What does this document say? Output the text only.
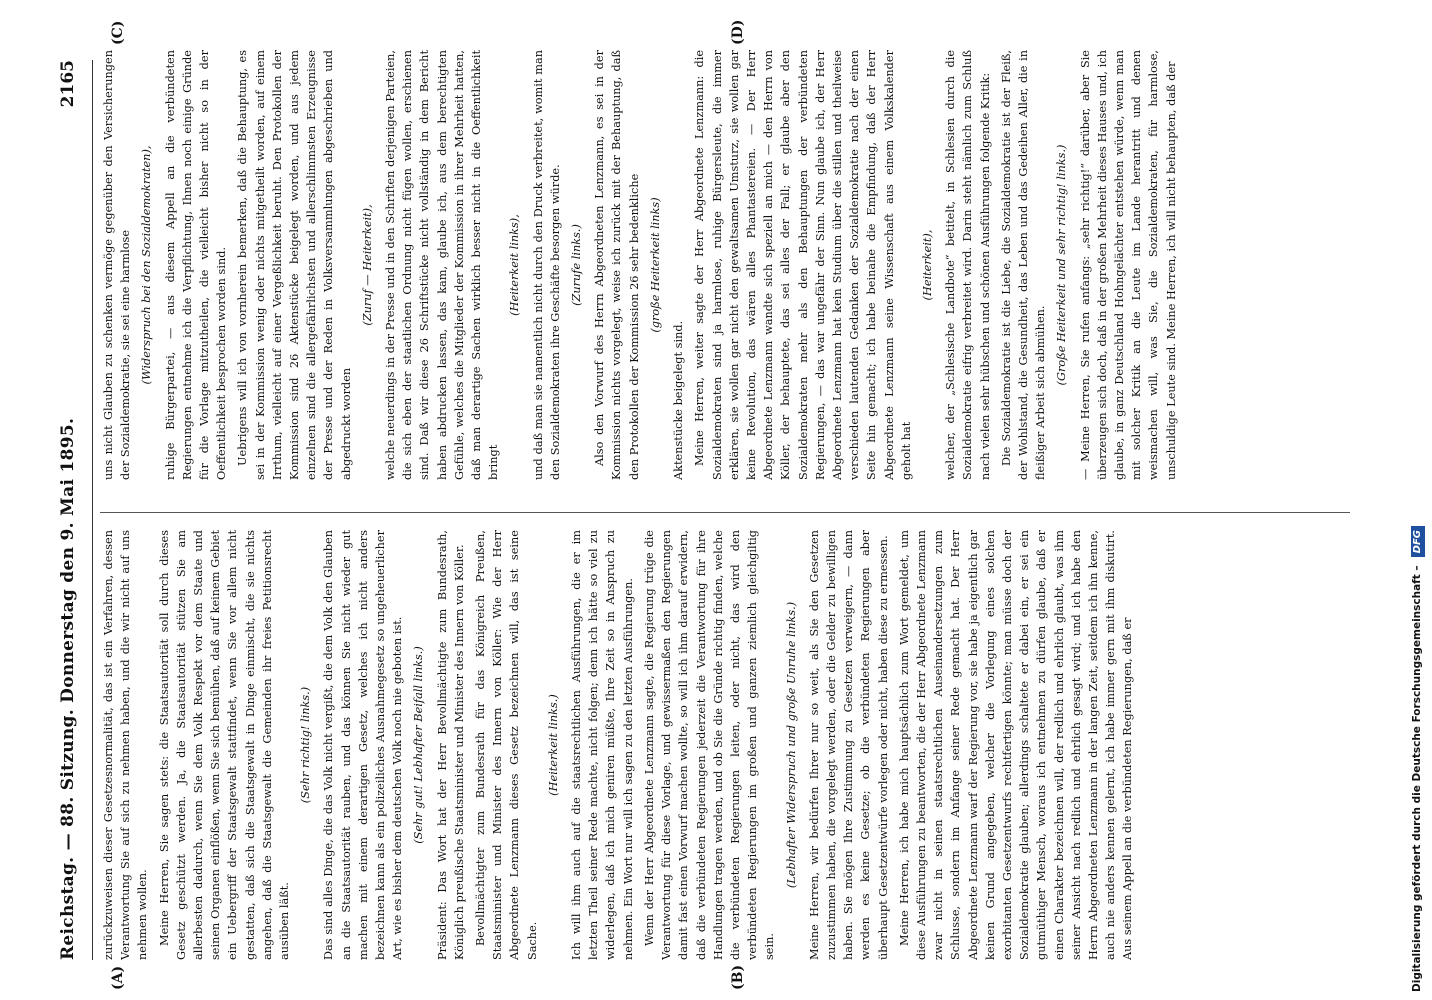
Reichstag. — 88. Sitzung. Donnerstag den 9. Mai 1895.
2165
(A)	(B)
(C)	(D)

zurückzuweisen dieser Gesetzesnormalität, das ist ein Verfahren, dessen Verantwortung Sie auf sich zu nehmen haben, und die wir nicht auf uns nehmen wollen. Meine Herren, Sie sagen stets: die Staatsautorität soll durch dieses Gesetz geschützt werden. Ja, die Staatsautorität stützen Sie am allerbesten dadurch, wenn Sie dem Volk Respekt vor dem Staate und seinen Organen einflößen, wenn Sie sich bemühen, daß auf keinem Gebiet ein Uebergriff der Staatsgewalt stattfindet, wenn Sie vor allem nicht gestatten, daß sich die Staatsgewalt in Dinge einmischt, die sie nichts angehen, daß die Staatsgewalt die Gemeinden ihr freies Petitionsrecht ausüben läßt.

(Sehr richtig! links.) Das sind alles Dinge, die das Volk nicht vergißt, die dem Volk den Glauben an die Staatsautorität rauben, und das können Sie nicht wieder gut machen mit einem derartigen Gesetz, welches ich nicht anders bezeichnen kann als ein polizeiliches Ausnahmegesetz so ungeheuerlicher Art, wie es bisher dem deutschen Volk noch nie geboten ist. (Sehr gut! Lebhafter Beifall links.) Präsident: Das Wort hat der Herr Bevollmächtigte zum Bundesrath, Königlich preußische Staatsminister und Minister des Innern von Köller. Bevollmächtigter zum Bundesrath für das Königreich Preußen, Staatsminister und Minister des Innern von Köller: Wie der Herr Abgeordnete Lenzmann dieses Gesetz bezeichnen will, das ist seine Sache.

(Heiterkeit links.) Ich will ihm auch auf die staatsrechtlichen Ausführungen, die er im letzten Theil seiner Rede machte, nicht folgen; denn ich hätte so viel zu widerlegen, daß ich mich geniren müßte, Ihre Zeit so in Anspruch zu nehmen. Ein Wort nur will ich sagen zu den letzten Ausführungen. Wenn der Herr Abgeordnete Lenzmann sagte, die Regierung trüge die Verantwortung für diese Vorlage, und gewissermaßen den Regierungen damit fast einen Vorwurf machen wollte, so will ich ihm darauf erwidern, daß die verbündeten Regierungen jederzeit die Verantwortung für ihre Handlungen tragen werden, und ob Sie die Gründe richtig finden, welche die verbündeten Regierungen leiten, oder nicht, das wird den verbündeten Regierungen im großen und ganzen ziemlich gleichgiltig sein.

(Lebhafter Widerspruch und große Unruhe links.) Meine Herren, wir bedürfen Ihrer nur so weit, als Sie den Gesetzen zuzustimmen haben, die vorgelegt werden, oder die Gelder zu bewilligen haben. Sie mögen Ihre Zustimmung zu Gesetzen verweigern, — dann werden es keine Gesetze; ob die verbündeten Regierungen aber überhaupt Gesetzentwürfe vorlegen oder nicht, haben diese zu ermessen. Meine Herren, ich habe mich hauptsächlich zum Wort gemeldet, um diese Ausführungen zu beantworten, die der Herr Abgeordnete Lenzmann zwar nicht in seinen staatsrechtlichen Auseinandersetzungen zum Schlusse, sondern im Anfange seiner Rede gemacht hat. Der Herr Abgeordnete Lenzmann warf der Regierung vor, sie habe ja eigentlich gar keinen Grund angegeben, welcher die Vorlegung eines solchen exorbitanten Gesetzentwurfs rechtfertigen könnte; man müsse doch der Sozialdemokratie glauben; allerdings schaltete er dabei ein, er sei ein gutmüthiger Mensch, woraus ich entnehmen zu dürfen glaube, daß er einen Charakter bezeichnen will, der redlich und ehrlich glaubt, was ihm seiner Ansicht nach redlich und ehrlich gesagt wird; und ich habe den Herrn Abgeordneten Lenzmann in der langen Zeit, seitdem ich ihn kenne, auch nie anders kennen gelernt, ich habe immer gern mit ihm diskutirt. Aus seinem Appell an die verbündeten Regierungen, daß er

uns nicht Glauben zu schenken vermöge gegenüber den Versicherungen der Sozialdemokratie, sie sei eine harmlose (Widerspruch bei den Sozialdemokraten), ruhige Bürgerpartei, — aus diesem Appell an die verbündeten Regierungen entnehme ich die Verpflichtung, Ihnen noch einige Gründe für die Vorlage mitzutheilen, die vielleicht bisher nicht so in der Oeffentlichkeit besprochen worden sind. Uebrigens will ich von vornherein bemerken, daß die Behauptung, es sei in der Kommission wenig oder nichts mitgetheilt worden, auf einem Irrthum, vielleicht auf einer Vergeßlichkeit beruht. Den Protokollen der Kommission sind 26 Aktenstücke beigelegt worden, und aus jedem einzelnen sind die allergefährlichsten und allerschlimmsten Erzeugnisse der Presse und der Reden in Volksversammlungen abgeschrieben und abgedruckt worden

(Zuruf — Heiterkeit), welche neuerdings in der Presse und in den Schriften derjenigen Parteien, die sich eben der staatlichen Ordnung nicht fügen wollen, erschienen sind. Daß wir diese 26 Schriftstücke nicht vollständig in dem Bericht haben abdrucken lassen, das kam, glaube ich, aus dem berechtigten Gefühle, welches die Mitglieder der Kommission in ihrer Mehrheit hatten, daß man derartige Sachen wirklich besser nicht in die Oeffentlichkeit bringt

(Heiterkeit links), und daß man sie namentlich nicht durch den Druck verbreitet, womit man den Sozialdemokraten ihre Geschäfte besorgen würde. (Zurufe links.) Also den Vorwurf des Herrn Abgeordneten Lenzmann, es sei in der Kommission nichts vorgelegt, weise ich zurück mit der Behauptung, daß den Protokollen der Kommission 26 sehr bedenkliche (große Heiterkeit links)

Aktenstücke beigelegt sind. Meine Herren, weiter sagte der Herr Abgeordnete Lenzmann: die Sozialdemokraten sind ja harmlose, ruhige Bürgersleute, die immer erklären, sie wollen gar nicht den gewaltsamen Umsturz, sie wollen gar keine Revolution, das wären alles Phantastereien. — Der Herr Abgeordnete Lenzmann wandte sich speziell an mich — den Herrn von Köller, der behauptete, das sei alles der Fall; er glaube aber den Sozialdemokraten mehr als den Behauptungen der verbündeten Regierungen, — das war ungefähr der Sinn. Nun glaube ich, der Herr Abgeordnete Lenzmann hat kein Studium über die stillen und theilweise verschieden lautenden Gedanken der Sozialdemokratie nach der einen Seite hin gemacht; ich habe beinahe die Empfindung, daß der Herr Abgeordnete Lenzmann seine Wissenschaft aus einem Volkskalender geholt hat

(Heiterkeit), welcher, der „Schlesische Landbote“ betitelt, in Schlesien durch die Sozialdemokratie eifrig verbreitet wird. Darin steht nämlich zum Schluß nach vielen sehr hübschen und schönen Ausführungen folgende Kritik: Die Sozialdemokratie ist die Liebe, die Sozialdemokratie ist der Fleiß, der Wohlstand, die Gesundheit, das Leben und das Gedeihen Aller, die in fleißiger Arbeit sich abmühen.

(Große Heiterkeit und sehr richtig! links.) — Meine Herren, Sie rufen anfangs: „sehr richtig!“ darüber, aber Sie überzeugen sich doch, daß in der großen Mehrheit dieses Hauses und, ich glaube, in ganz Deutschland Hohngelächter entstehen würde, wenn man mit solcher Kritik an die Leute im Lande herantritt und denen weismachen will, was Sie, die Sozialdemokraten, für harmlose, unschuldige Leute sind. Meine Herren, ich will nicht behaupten, daß der

Digitalisierung gefördert durch die Deutsche Forschungsgemeinschaft –DFG
